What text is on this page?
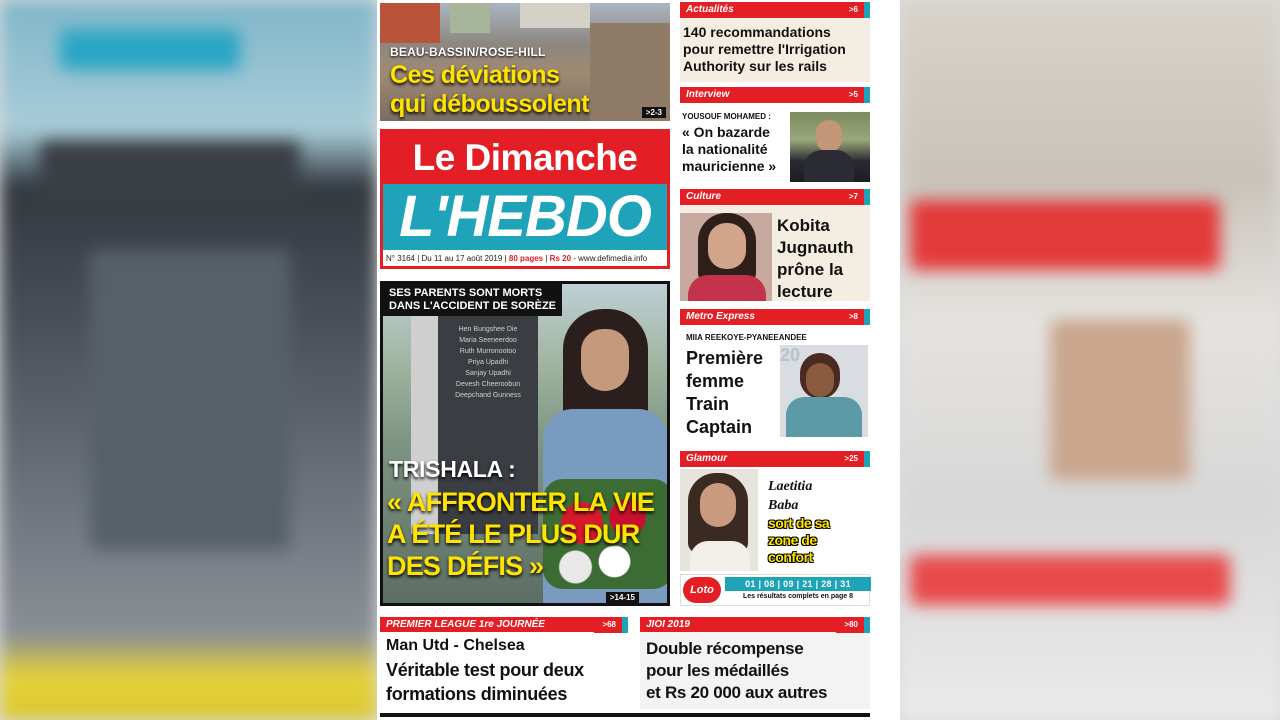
BEAU-BASSIN/ROSE-HILL
Ces déviations
qui déboussolent	>2-3
Le Dimanche
L'HEBDO
N° 3164 | Du 11 au 17 août 2019 | 80 pages | Rs 20 - www.defimedia.info
Hen Bungshee Die
Maria Seeneerdoo
Ruth Murronootoo
Priya Upadhi
Sanjay Upadhi
Devesh Cheeroobun
Deepchand Gunness
SES PARENTS SONT MORTS
DANS L'ACCIDENT DE SORÈZE
TRISHALA :
« AFFRONTER LA VIE
A ÉTÉ LE PLUS DUR
DES DÉFIS »
>14-15
Actualités	>6
140 recommandations
pour remettre l'Irrigation
Authority sur les rails
Interview	>5
YOUSOUF MOHAMED :
« On bazarde
la nationalité
mauricienne »
Culture	>7
Kobita
Jugnauth
prône la
lecture
Metro Express	>8
MIIA REEKOYE-PYANEEANDEE
Première
femme
Train
Captain
20
Glamour	>25
Laetitia
Baba
sort de sa
zone de
confort
Loto	01 | 08 | 09 | 21 | 28 | 31
Les résultats complets en page 8
PREMIER LEAGUE 1re JOURNÉE	>68
Man Utd - Chelsea
Véritable test pour deux
formations diminuées
JIOI 2019	>80
Double récompense
pour les médaillés
et Rs 20 000 aux autres
